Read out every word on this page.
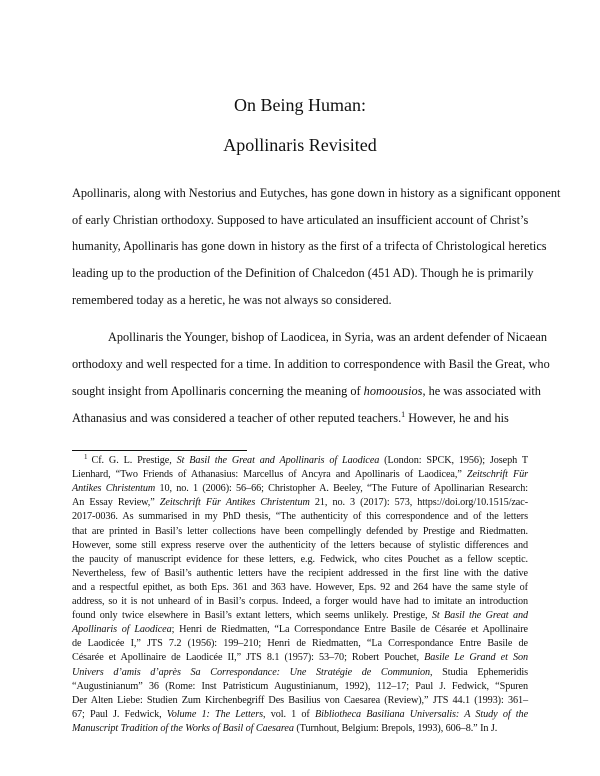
On Being Human:
Apollinaris Revisited
Apollinaris, along with Nestorius and Eutyches, has gone down in history as a significant opponent
of early Christian orthodoxy. Supposed to have articulated an insufficient account of Christ’s
humanity, Apollinaris has gone down in history as the first of a trifecta of Christological heretics
leading up to the production of the Definition of Chalcedon (451 AD). Though he is primarily
remembered today as a heretic, he was not always so considered.
Apollinaris the Younger, bishop of Laodicea, in Syria, was an ardent defender of Nicaean
orthodoxy and well respected for a time. In addition to correspondence with Basil the Great, who
sought insight from Apollinaris concerning the meaning of homoousios, he was associated with
Athanasius and was considered a teacher of other reputed teachers.$^1$ However, he and his
$^1$ Cf. G. L. Prestige, St Basil the Great and Apollinaris of Laodicea (London: SPCK, 1956); Joseph T
Lienhard, “Two Friends of Athanasius: Marcellus of Ancyra and Apollinaris of Laodicea,” Zeitschrift Für
Antikes Christentum 10, no. 1 (2006): 56–66; Christopher A. Beeley, “The Future of Apollinarian Research:
An Essay Review,” Zeitschrift Für Antikes Christentum 21, no. 3 (2017): 573, https://doi.org/10.1515/zac-
2017-0036. As summarised in my PhD thesis, “The authenticity of this correspondence and of the letters
that are printed in Basil’s letter collections have been compellingly defended by Prestige and Riedmatten.
However, some still express reserve over the authenticity of the letters because of stylistic differences and
the paucity of manuscript evidence for these letters, e.g. Fedwick, who cites Pouchet as a fellow sceptic.
Nevertheless, few of Basil’s authentic letters have the recipient addressed in the first line with the dative
and a respectful epithet, as both Eps. 361 and 363 have. However, Eps. 92 and 264 have the same style of
address, so it is not unheard of in Basil’s corpus. Indeed, a forger would have had to imitate an introduction
found only twice elsewhere in Basil’s extant letters, which seems unlikely. Prestige, St Basil the Great and
Apollinaris of Laodicea; Henri de Riedmatten, “La Correspondance Entre Basile de Césarée et Apollinaire
de Laodicée I,” JTS 7.2 (1956): 199–210; Henri de Riedmatten, “La Correspondance Entre Basile de
Césarée et Apollinaire de Laodicée II,” JTS 8.1 (1957): 53–70; Robert Pouchet, Basile Le Grand et Son
Univers d’amis d’après Sa Correspondance: Une Stratégie de Communion, Studia Ephemeridis
“Augustinianum” 36 (Rome: Inst Patristicum Augustinianum, 1992), 112–17; Paul J. Fedwick, “Spuren
Der Alten Liebe: Studien Zum Kirchenbegriff Des Basilius von Caesarea (Review),” JTS 44.1 (1993): 361–
67; Paul J. Fedwick, Volume 1: The Letters, vol. 1 of Bibliotheca Basiliana Universalis: A Study of the
Manuscript Tradition of the Works of Basil of Caesarea (Turnhout, Belgium: Brepols, 1993), 606–8.” In J.
